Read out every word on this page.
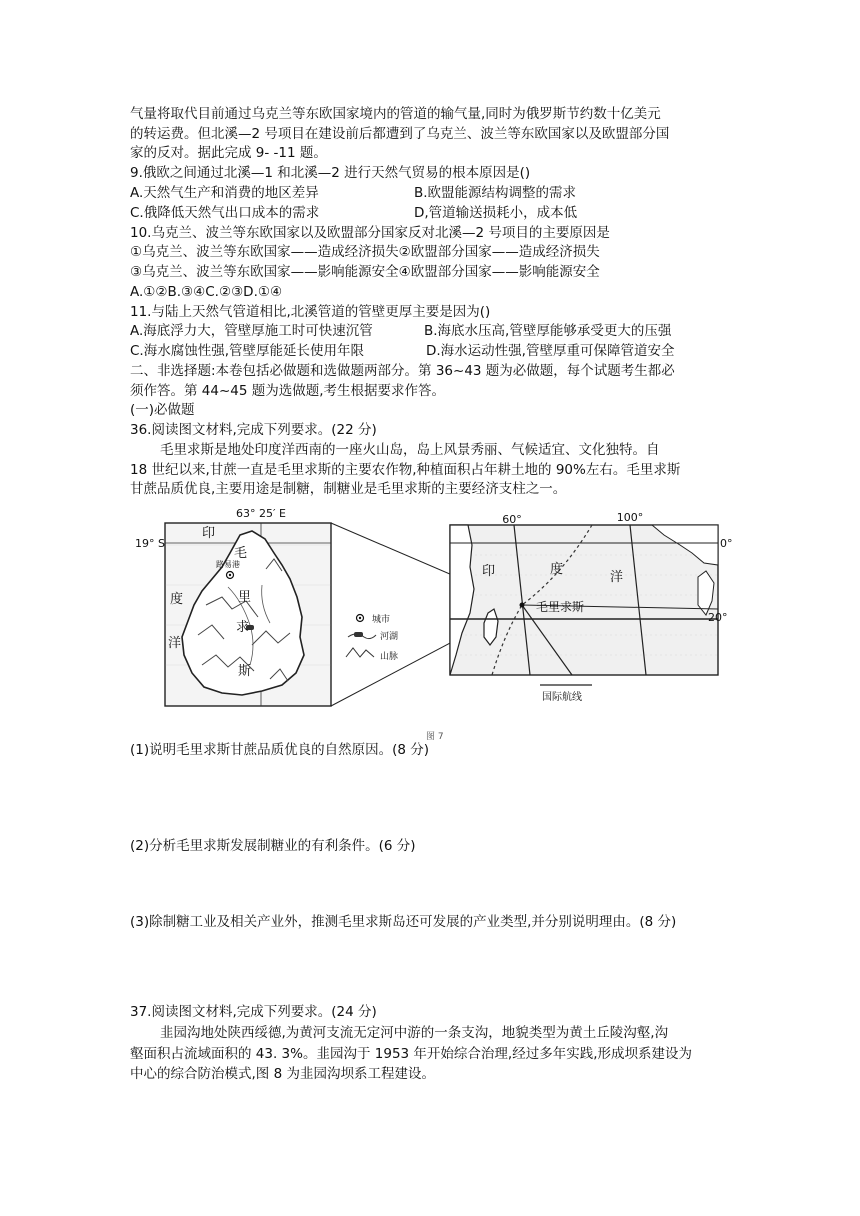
气量将取代目前通过乌克兰等东欧国家境内的管道的输气量,同时为俄罗斯节约数十亿美元
的转运费。但北溪—2 号项目在建设前后都遭到了乌克兰、波兰等东欧国家以及欧盟部分国
家的反对。据此完成 9- -11 题。
9.俄欧之间通过北溪—1 和北溪—2 进行天然气贸易的根本原因是()
A.天然气生产和消费的地区差异	B.欧盟能源结构调整的需求
C.俄降低天然气出口成本的需求	D,管道输送损耗小，成本低
10.乌克兰、波兰等东欧国家以及欧盟部分国家反对北溪—2 号项目的主要原因是
①乌克兰、波兰等东欧国家——造成经济损失②欧盟部分国家——造成经济损失
③乌克兰、波兰等东欧国家——影响能源安全④欧盟部分国家——影响能源安全
A.①②B.③④C.②③D.①④
11.与陆上天然气管道相比,北溪管道的管壁更厚主要是因为()
A.海底浮力大，管壁厚施工时可快速沉管	B.海底水压高,管壁厚能够承受更大的压强
C.海水腐蚀性强,管壁厚能延长使用年限	D.海水运动性强,管壁厚重可保障管道安全
二、非选择题:本卷包括必做题和选做题两部分。第 36~43 题为必做题，每个试题考生都必
须作答。第 44~45 题为选做题,考生根据要求作答。
(一)必做题
36.阅读图文材料,完成下列要求。(22 分)
毛里求斯是地处印度洋西南的一座火山岛，岛上风景秀丽、气候适宜、文化独特。自
18 世纪以来,甘蔗一直是毛里求斯的主要农作物,种植面积占年耕土地的 90%左右。毛里求斯
甘蔗品质优良,主要用途是制糖，制糖业是毛里求斯的主要经济支柱之一。
63° 25′ E
19° S
印
度
洋
毛
里
求
斯
路易港
城市
河湖
山脉
60°	100°
0°
20°
印	度
洋
毛里求斯
国际航线
图 7
(1)说明毛里求斯甘蔗品质优良的自然原因。(8 分)
(2)分析毛里求斯发展制糖业的有利条件。(6 分)
(3)除制糖工业及相关产业外，推测毛里求斯岛还可发展的产业类型,并分别说明理由。(8 分)
37.阅读图文材料,完成下列要求。(24 分)
韭园沟地处陕西绥德,为黄河支流无定河中游的一条支沟，地貌类型为黄土丘陵沟壑,沟
壑面积占流域面积的 43. 3%。韭园沟于 1953 年开始综合治理,经过多年实践,形成坝系建设为
中心的综合防治模式,图 8 为韭园沟坝系工程建设。
